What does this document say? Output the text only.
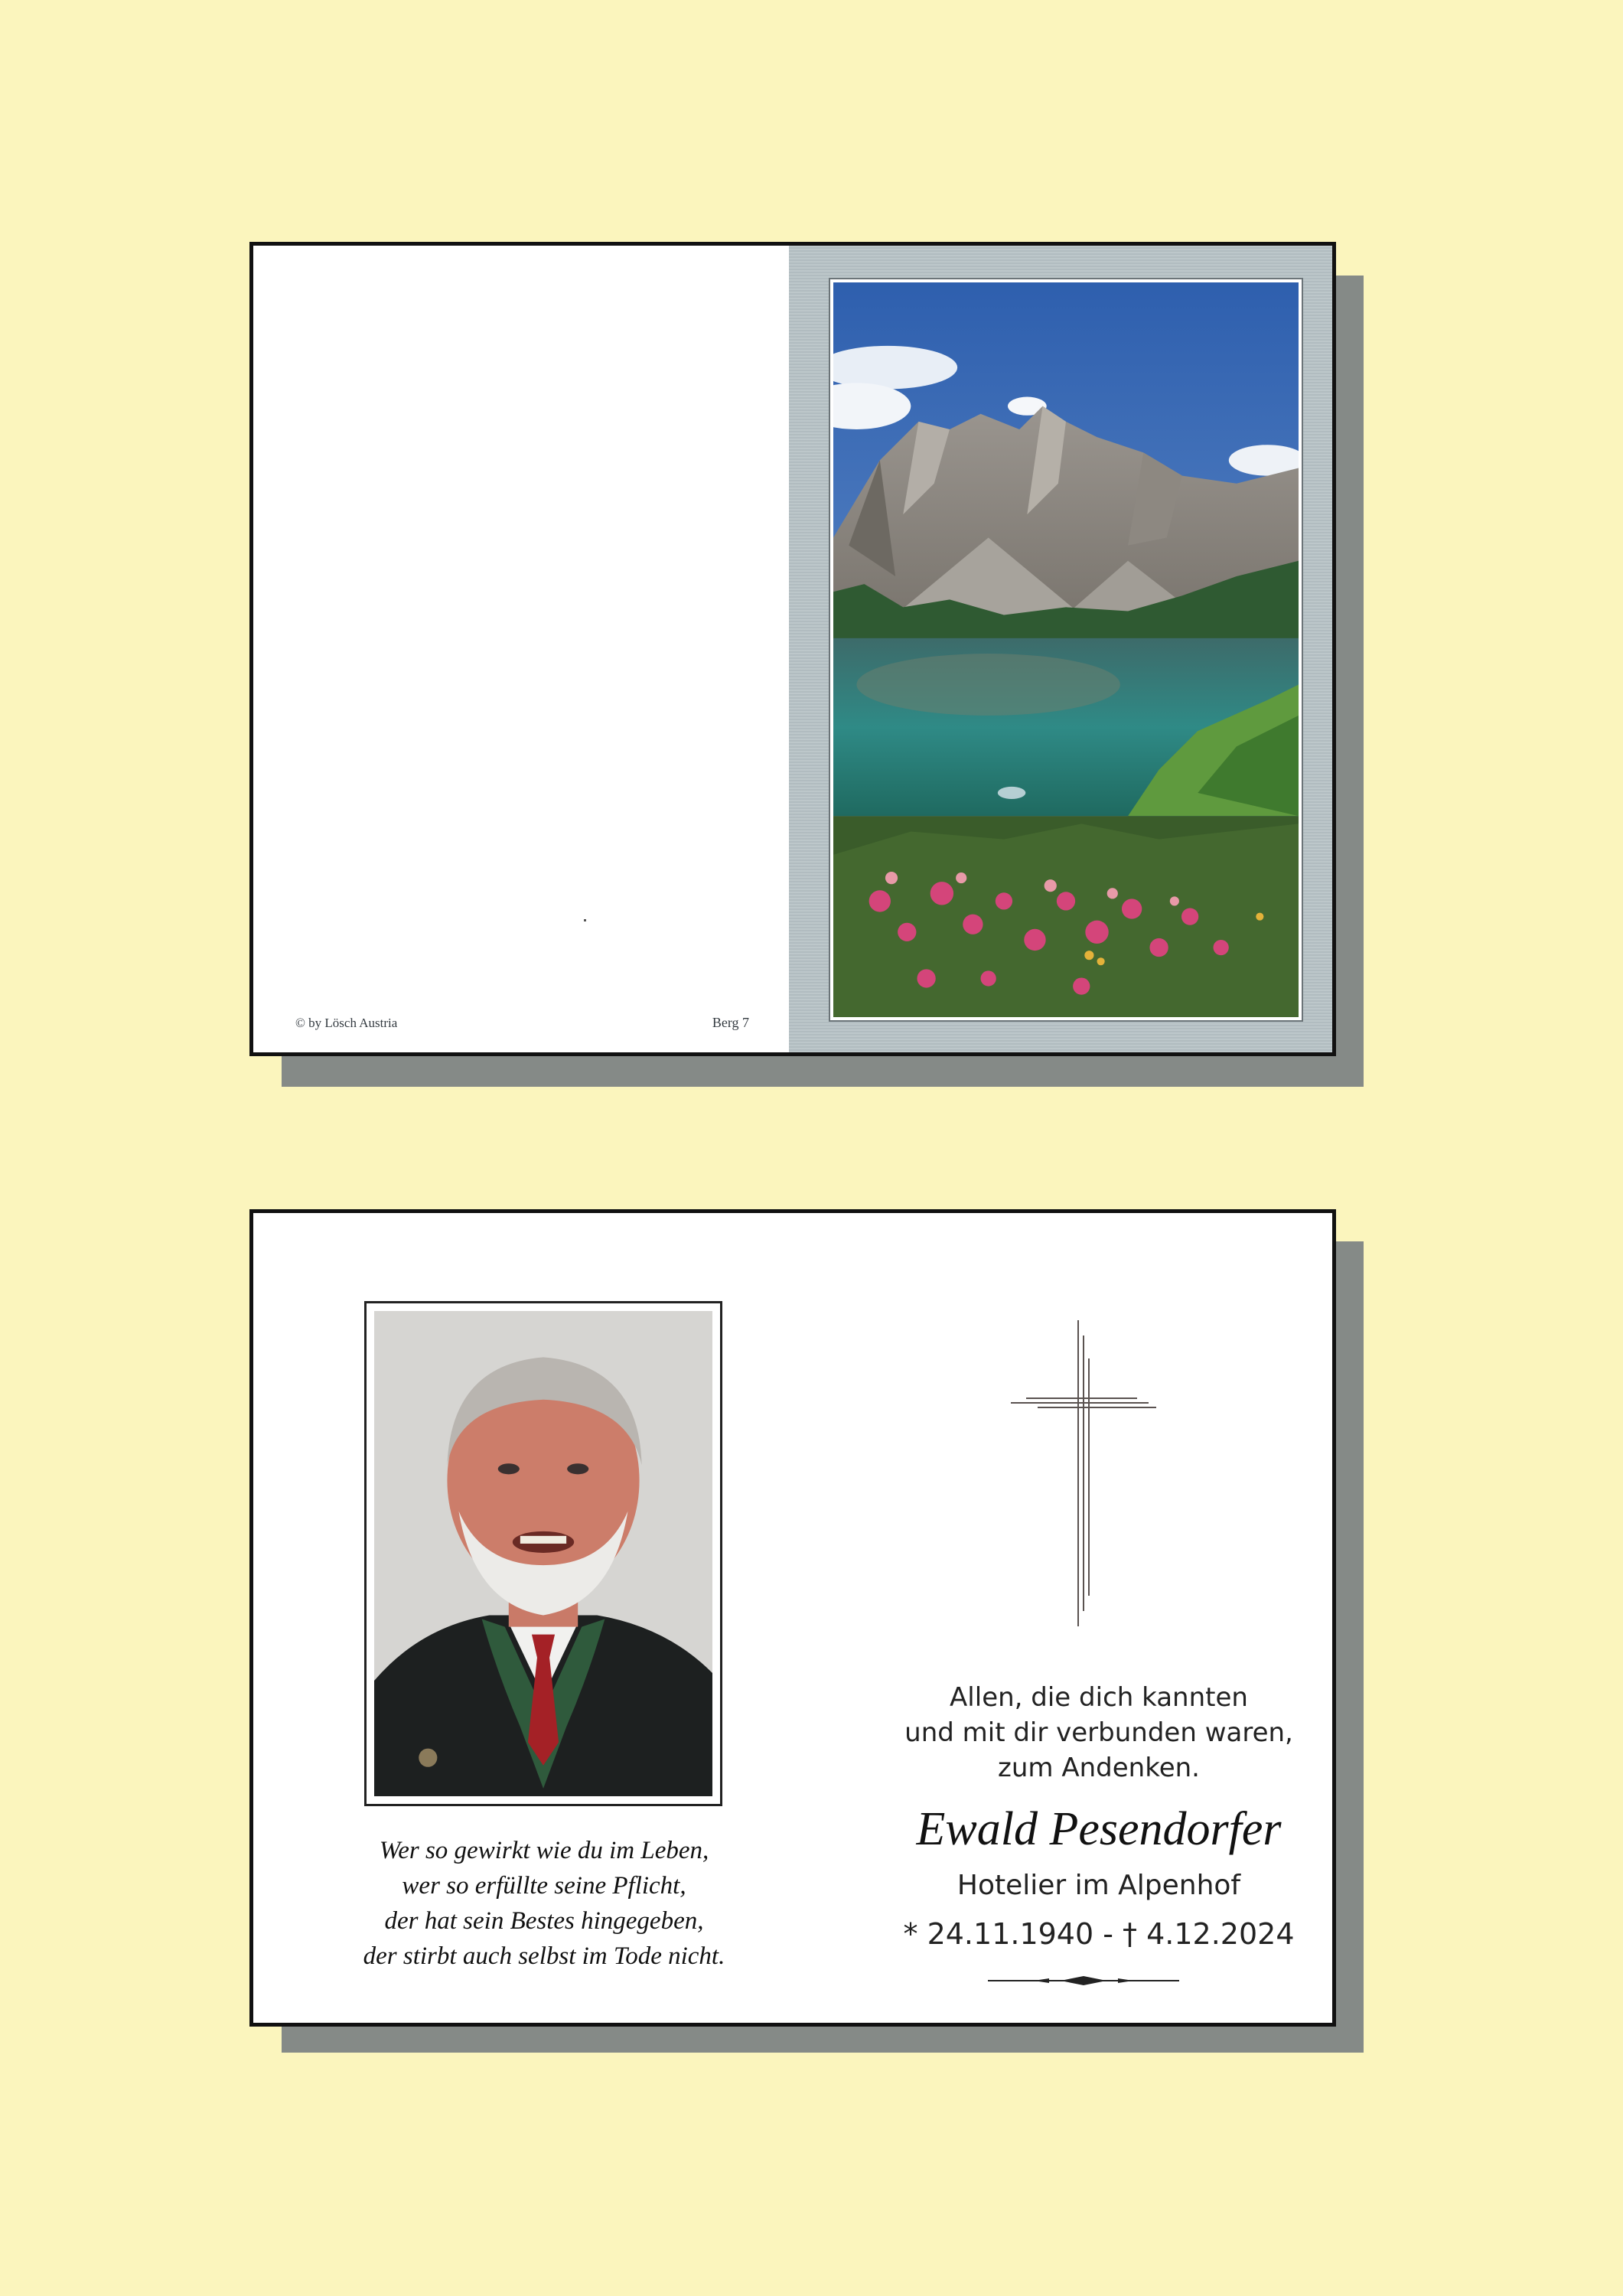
© by Lösch Austria	Berg 7
Wer so gewirkt wie du im Leben,
wer so erfüllte seine Pflicht,
der hat sein Bestes hingegeben,
der stirbt auch selbst im Tode nicht.
Allen, die dich kannten
und mit dir verbunden waren,
zum Andenken.
Ewald Pesendorfer
Hotelier im Alpenhof
* 24.11.1940 - † 4.12.2024
